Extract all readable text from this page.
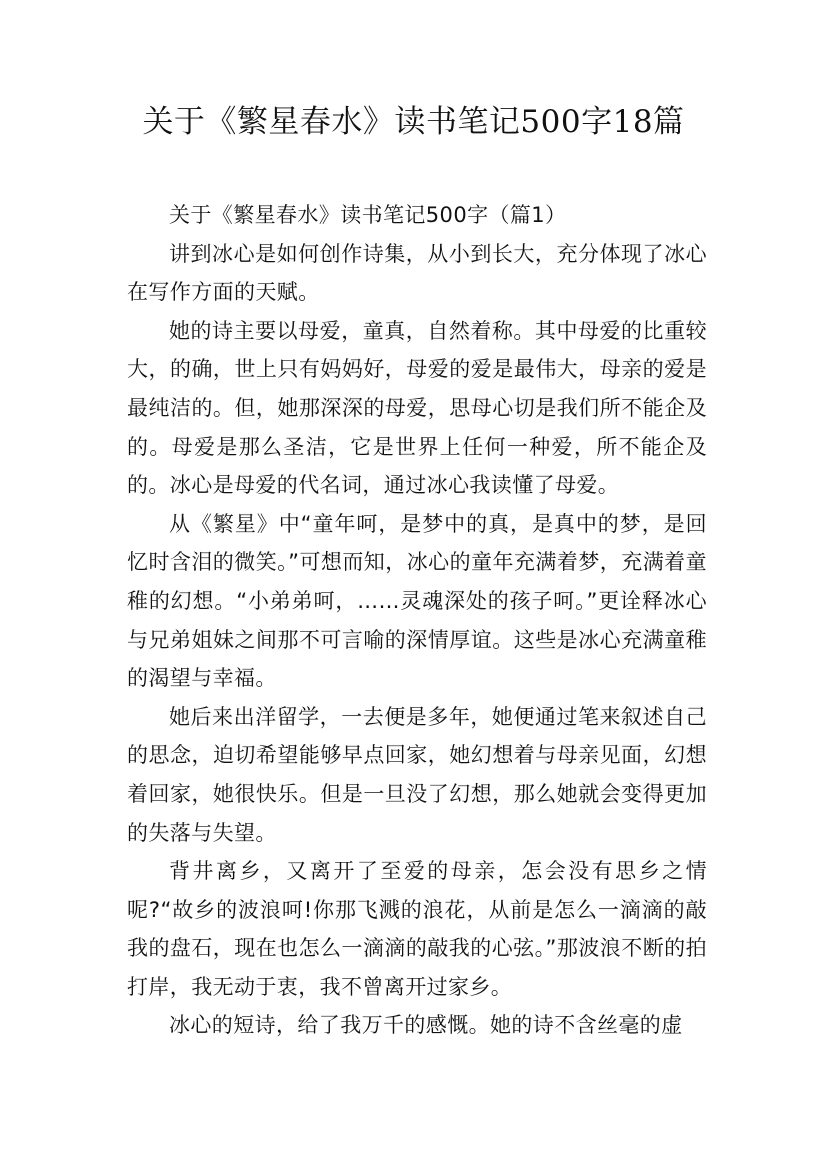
关于《繁星春水》读书笔记500字18篇

关于《繁星春水》读书笔记500字（篇1）

讲到冰心是如何创作诗集，从小到长大，充分体现了冰心在写作方面的天赋。

她的诗主要以母爱，童真，自然着称。其中母爱的比重较大，的确，世上只有妈妈好，母爱的爱是最伟大，母亲的爱是最纯洁的。但，她那深深的母爱，思母心切是我们所不能企及的。母爱是那么圣洁，它是世界上任何一种爱，所不能企及的。冰心是母爱的代名词，通过冰心我读懂了母爱。

从《繁星》中“童年呵，是梦中的真，是真中的梦，是回忆时含泪的微笑。”可想而知，冰心的童年充满着梦，充满着童稚的幻想。“小弟弟呵，……灵魂深处的孩子呵。”更诠释冰心与兄弟姐妹之间那不可言喻的深情厚谊。这些是冰心充满童稚的渴望与幸福。

她后来出洋留学，一去便是多年，她便通过笔来叙述自己的思念，迫切希望能够早点回家，她幻想着与母亲见面，幻想着回家，她很快乐。但是一旦没了幻想，那么她就会变得更加的失落与失望。

背井离乡，又离开了至爱的母亲，怎会没有思乡之情呢?“故乡的波浪呵!你那飞溅的浪花，从前是怎么一滴滴的敲我的盘石，现在也怎么一滴滴的敲我的心弦。”那波浪不断的拍打岸，我无动于衷，我不曾离开过家乡。

冰心的短诗，给了我万千的感慨。她的诗不含丝毫的虚
